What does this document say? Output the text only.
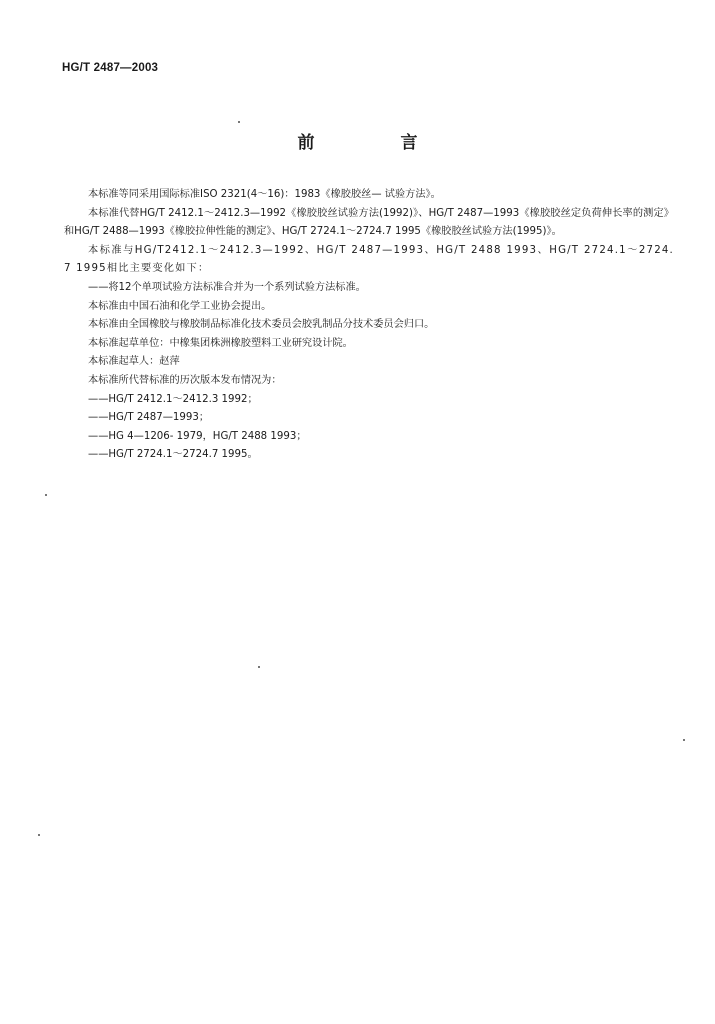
HG/T 2487—2003
前 言

本标准等同采用国际标准ISO 2321(4～16)：1983《橡胶胶丝— 试验方法》。

本标准代替HG/T 2412.1～2412.3—1992《橡胶胶丝试验方法(1992)》、HG/T 2487—1993《橡胶胶丝定负荷伸长率的测定》和HG/T 2488—1993《橡胶拉伸性能的测定》、HG/T 2724.1～2724.7 1995《橡胶胶丝试验方法(1995)》。

本标准与HG/T2412.1～2412.3—1992、HG/T 2487—1993、HG/T 2488 1993、HG/T 2724.1～2724.7 1995相比主要变化如下：

——将12个单项试验方法标准合并为一个系列试验方法标准。

本标准由中国石油和化学工业协会提出。

本标准由全国橡胶与橡胶制品标准化技术委员会胶乳制品分技术委员会归口。

本标准起草单位：中橡集团株洲橡胶塑料工业研究设计院。

本标准起草人：赵萍

本标准所代替标准的历次版本发布情况为：

——HG/T 2412.1～2412.3 1992；

——HG/T 2487—1993；

——HG 4—1206- 1979，HG/T 2488 1993；

——HG/T 2724.1～2724.7 1995。
